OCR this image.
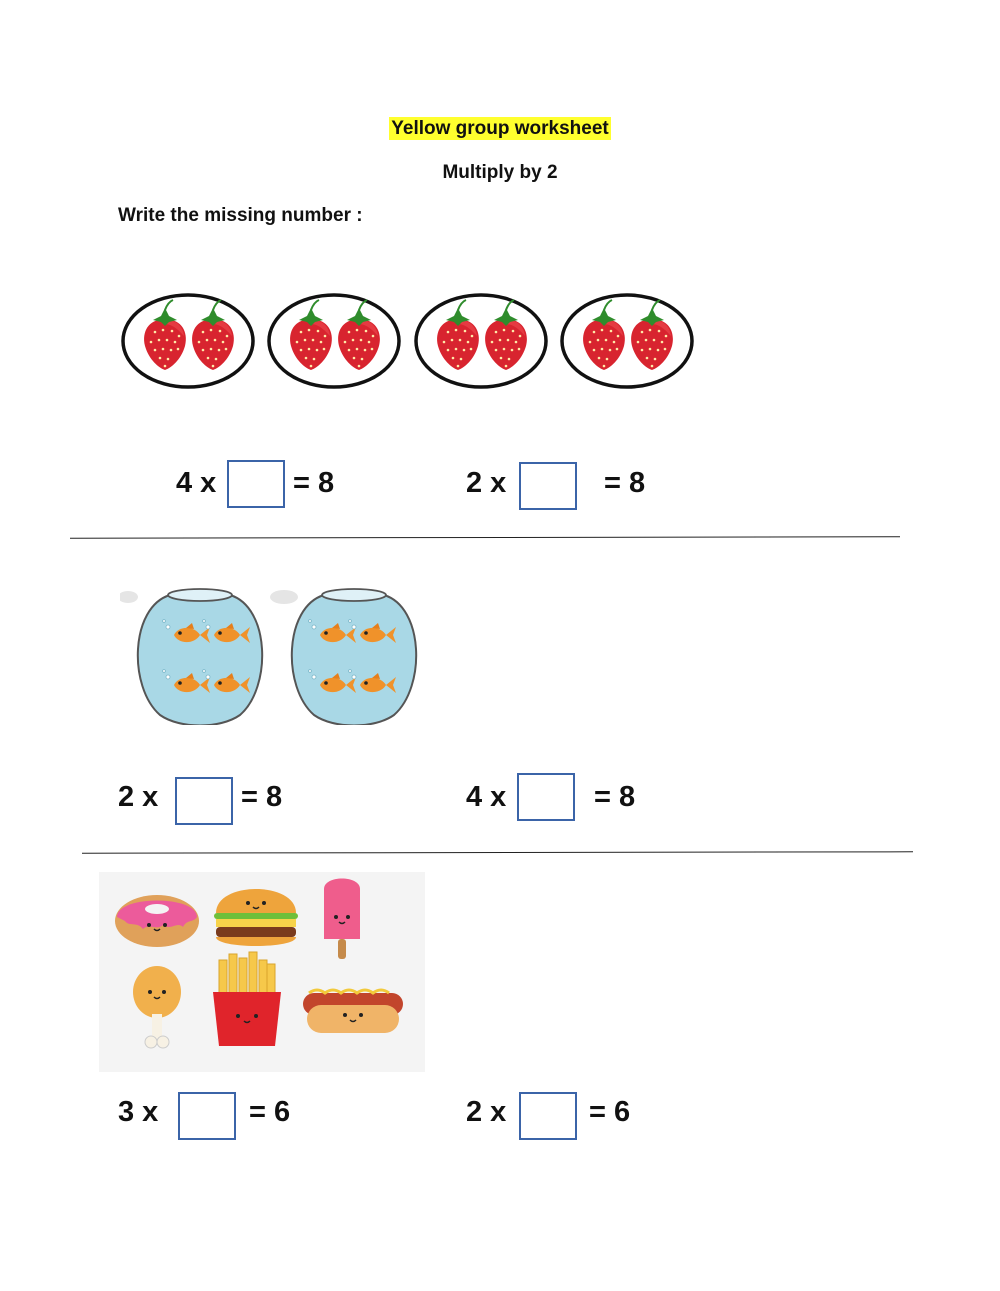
Yellow group worksheet
Multiply by 2
Write the missing number :
4 x	= 8	2 x	= 8
2 x	= 8	4 x	= 8
3 x	= 6	2 x	= 6
